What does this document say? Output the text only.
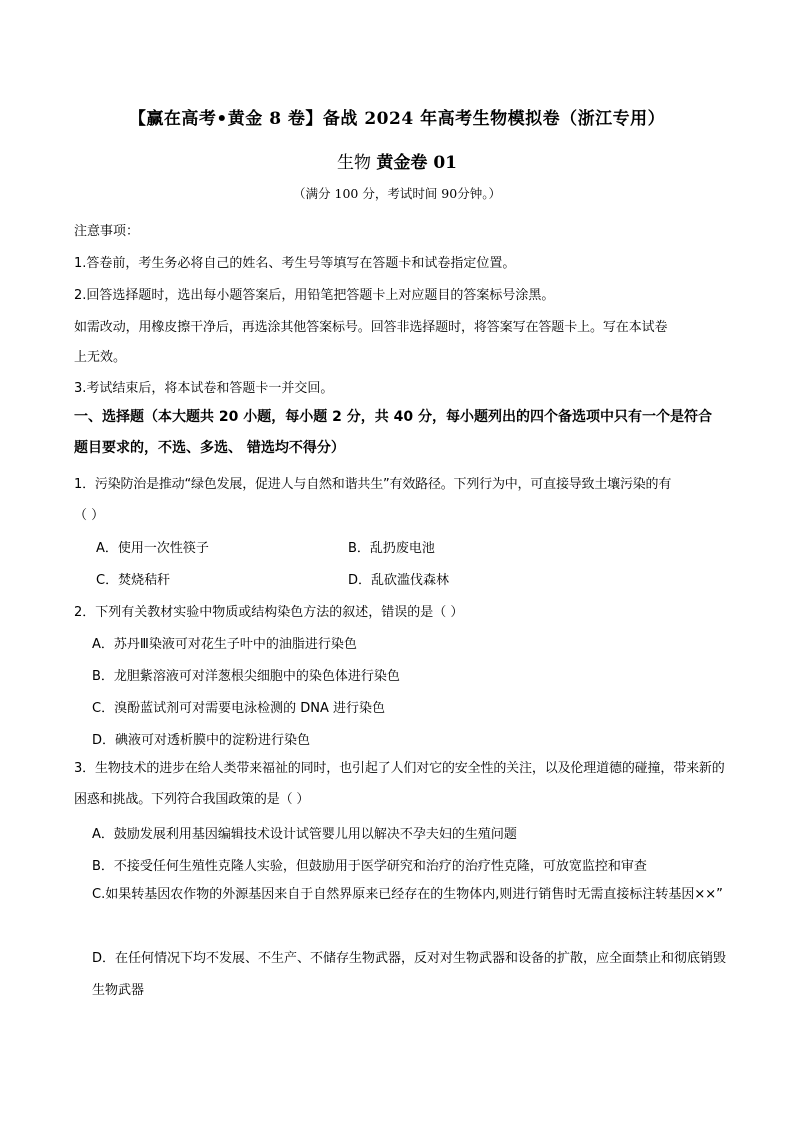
【赢在高考•黄金 8 卷】备战 2024 年高考生物模拟卷（浙江专用）
生物 黄金卷 01
（满分 100 分，考试时间 90分钟。）
注意事项：
1.答卷前，考生务必将自己的姓名、考生号等填写在答题卡和试卷指定位置。
2.回答选择题时，选出每小题答案后，用铅笔把答题卡上对应题目的答案标号涂黑。
如需改动，用橡皮擦干净后，再选涂其他答案标号。回答非选择题时，将答案写在答题卡上。写在本试卷
上无效。
3.考试结束后，将本试卷和答题卡一并交回。
一、选择题（本大题共 20 小题，每小题 2 分，共 40 分，每小题列出的四个备选项中只有一个是符合题目要求的，不选、多选、 错选均不得分）
1．污染防治是推动“绿色发展，促进人与自然和谐共生”有效路径。下列行为中，可直接导致土壤污染的有
（ ）
A．使用一次性筷子	B．乱扔废电池
C．焚烧秸秆	D．乱砍滥伐森林
2．下列有关教材实验中物质或结构染色方法的叙述，错误的是（ ）
A．苏丹Ⅲ染液可对花生子叶中的油脂进行染色
B．龙胆紫溶液可对洋葱根尖细胞中的染色体进行染色
C．溴酚蓝试剂可对需要电泳检测的 DNA 进行染色
D．碘液可对透析膜中的淀粉进行染色
3．生物技术的进步在给人类带来福祉的同时，也引起了人们对它的安全性的关注，以及伦理道德的碰撞，带来新的困惑和挑战。下列符合我国政策的是（ ）
A．鼓励发展利用基因编辑技术设计试管婴儿用以解决不孕夫妇的生殖问题
B．不接受任何生殖性克隆人实验，但鼓励用于医学研究和治疗的治疗性克隆，可放宽监控和审查
C.如果转基因农作物的外源基因来自于自然界原来已经存在的生物体内,则进行销售时无需直接标注转基因××”
D．在任何情况下均不发展、不生产、不储存生物武器，反对对生物武器和设备的扩散，应全面禁止和彻底销毁生物武器
